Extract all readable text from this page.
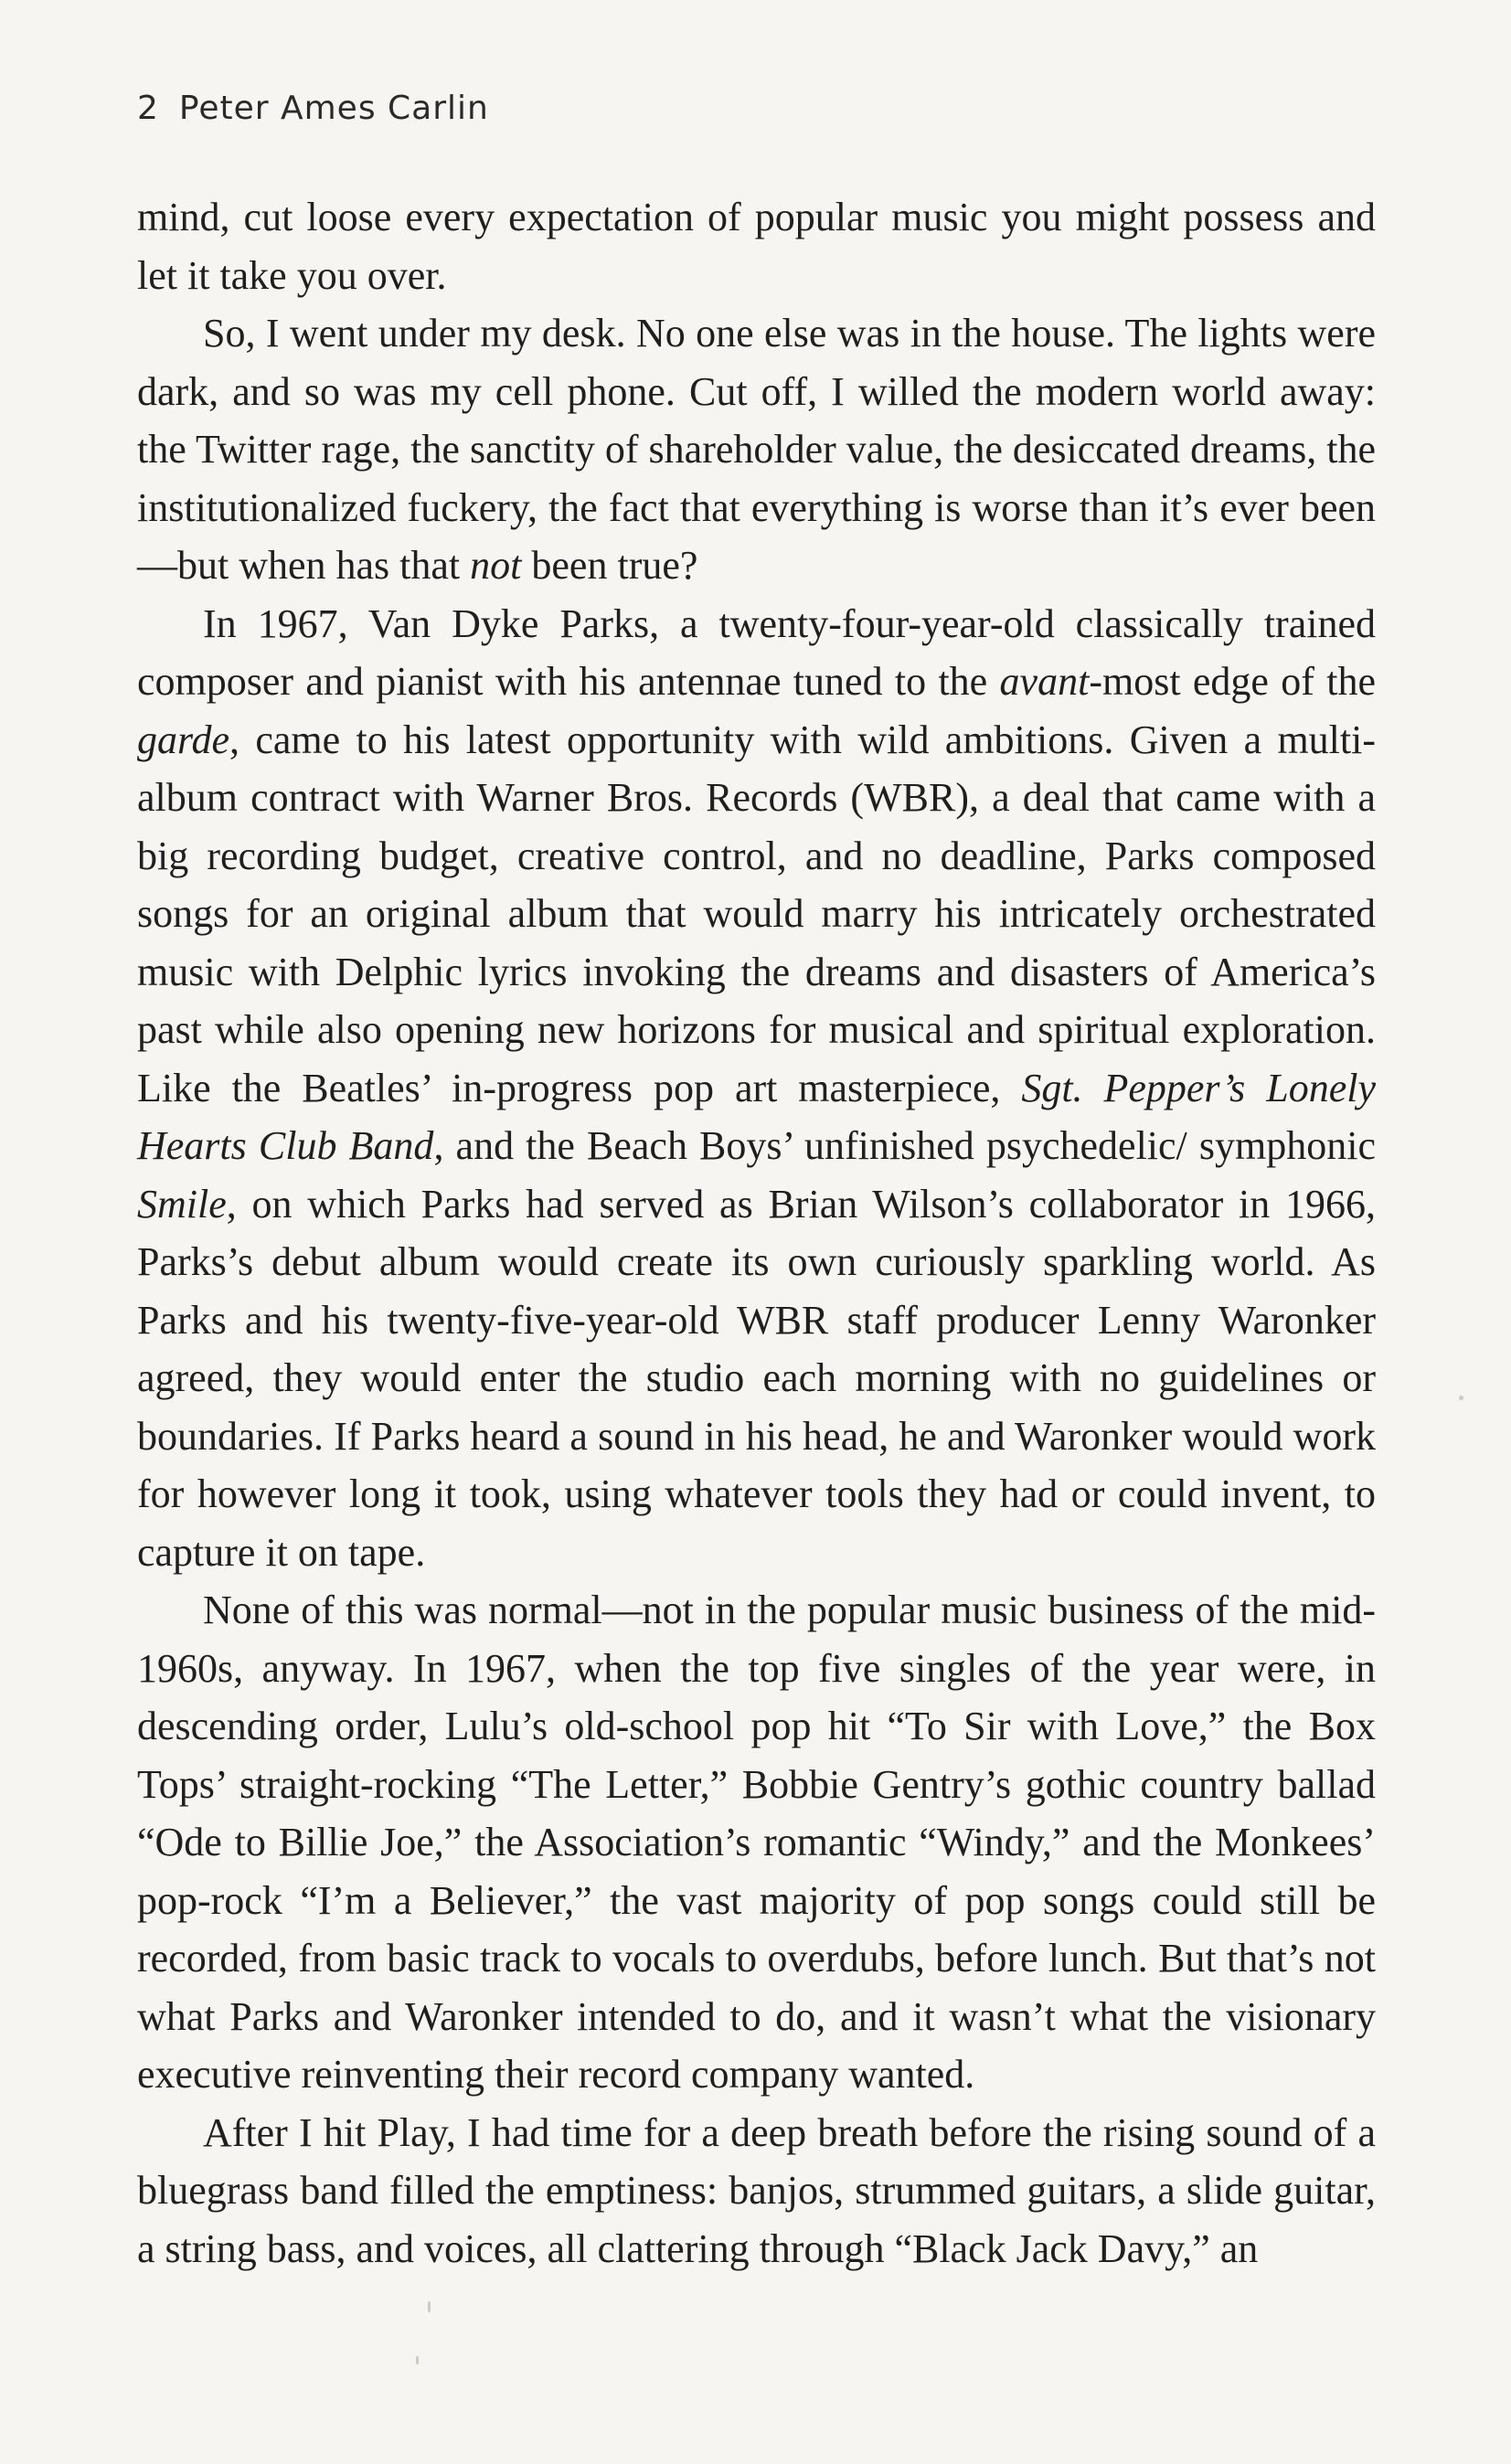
2 Peter Ames Carlin

mind, cut loose every expectation of popular music you might possess and let it take you over.

So, I went under my desk. No one else was in the house. The lights were dark, and so was my cell phone. Cut off, I willed the modern world away: the Twitter rage, the sanctity of shareholder value, the desiccated dreams, the institutionalized fuckery, the fact that everything is worse than it’s ever been—but when has that not been true?

In 1967, Van Dyke Parks, a twenty-four-year-old classically trained composer and pianist with his antennae tuned to the avant-most edge of the garde, came to his latest opportunity with wild ambitions. Given a multi-album contract with Warner Bros. Records (WBR), a deal that came with a big recording budget, creative control, and no deadline, Parks composed songs for an original album that would marry his intricately orchestrated music with Delphic lyrics invoking the dreams and disasters of America’s past while also opening new horizons for musical and spiritual exploration. Like the Beatles’ in-progress pop art masterpiece, Sgt. Pepper’s Lonely Hearts Club Band, and the Beach Boys’ unfinished psychedelic/ symphonic Smile, on which Parks had served as Brian Wilson’s collaborator in 1966, Parks’s debut album would create its own curiously sparkling world. As Parks and his twenty-five-year-old WBR staff producer Lenny Waronker agreed, they would enter the studio each morning with no guidelines or boundaries. If Parks heard a sound in his head, he and Waronker would work for however long it took, using whatever tools they had or could invent, to capture it on tape.

None of this was normal—not in the popular music business of the mid-1960s, anyway. In 1967, when the top five singles of the year were, in descending order, Lulu’s old-school pop hit “To Sir with Love,” the Box Tops’ straight-rocking “The Letter,” Bobbie Gentry’s gothic country ballad “Ode to Billie Joe,” the Association’s romantic “Windy,” and the Monkees’ pop-rock “I’m a Believer,” the vast majority of pop songs could still be recorded, from basic track to vocals to overdubs, before lunch. But that’s not what Parks and Waronker intended to do, and it wasn’t what the visionary executive reinventing their record company wanted.

After I hit Play, I had time for a deep breath before the rising sound of a bluegrass band filled the emptiness: banjos, strummed guitars, a slide guitar, a string bass, and voices, all clattering through “Black Jack Davy,” an
